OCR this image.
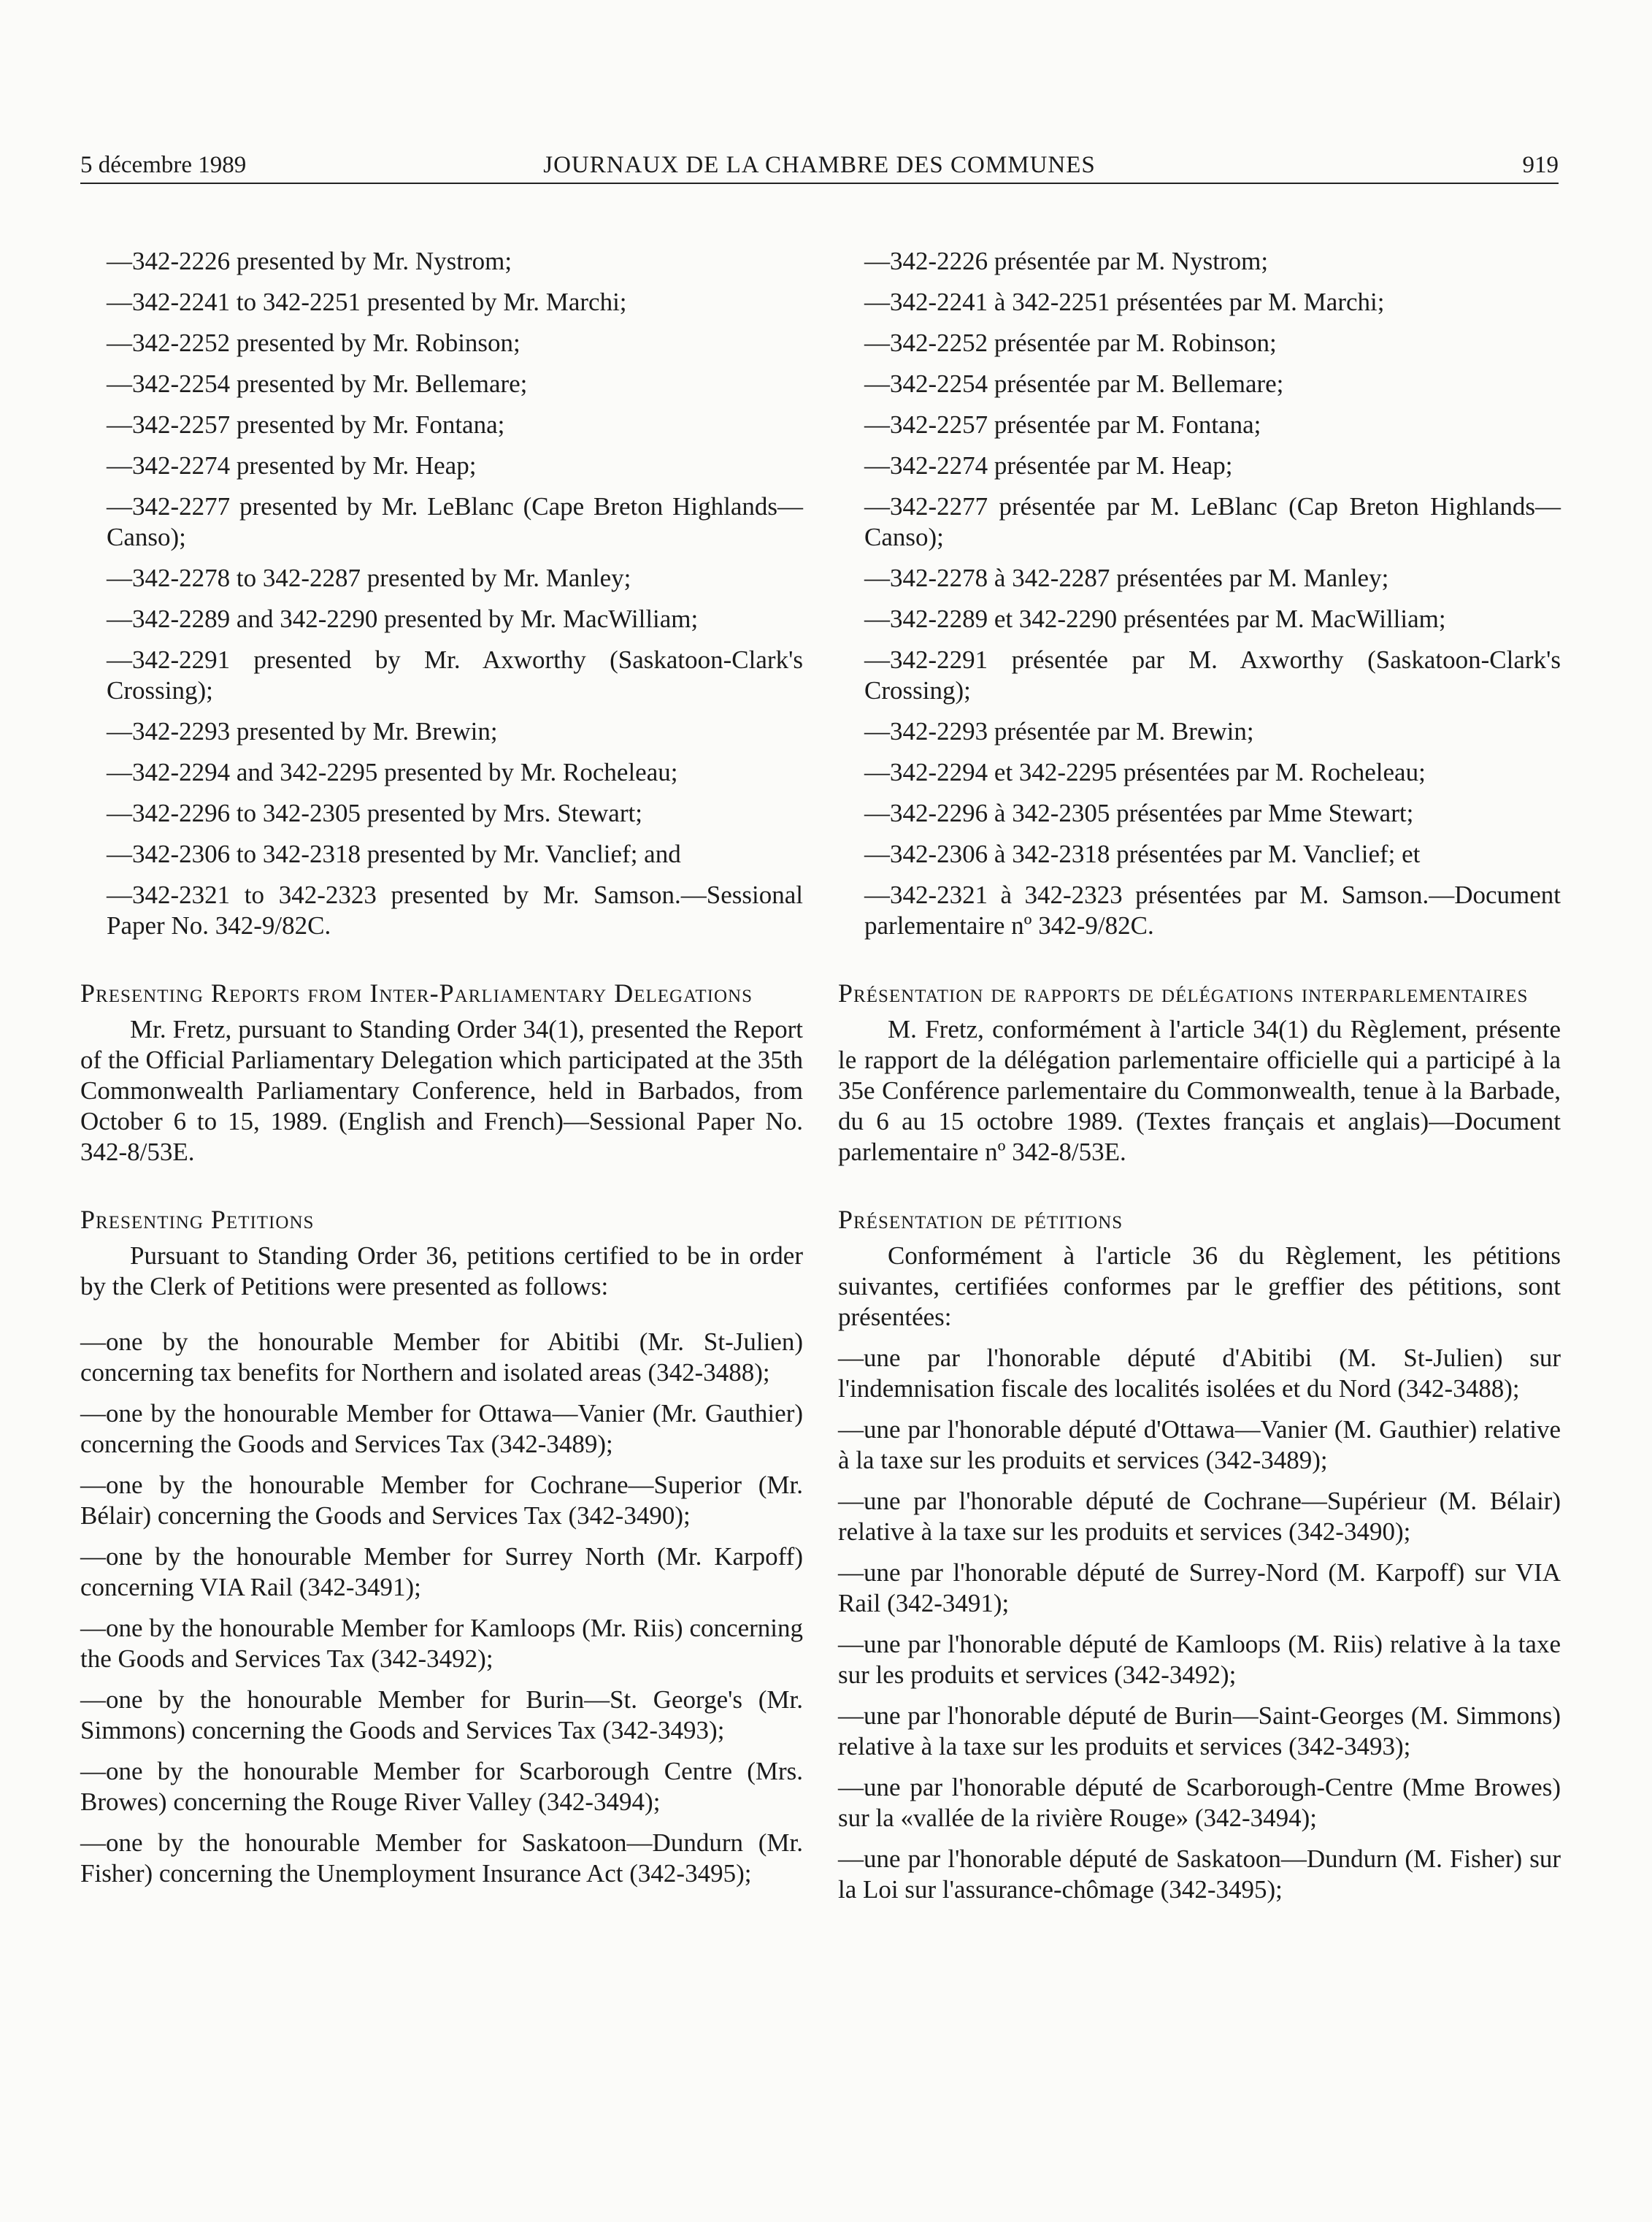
5 décembre 1989	JOURNAUX DE LA CHAMBRE DES COMMUNES	919
—342-2226 presented by Mr. Nystrom;
—342-2241 to 342-2251 presented by Mr. Marchi;
—342-2252 presented by Mr. Robinson;
—342-2254 presented by Mr. Bellemare;
—342-2257 presented by Mr. Fontana;
—342-2274 presented by Mr. Heap;
—342-2277 presented by Mr. LeBlanc (Cape Breton Highlands—Canso);
—342-2278 to 342-2287 presented by Mr. Manley;
—342-2289 and 342-2290 presented by Mr. MacWilliam;
—342-2291 presented by Mr. Axworthy (Saskatoon-Clark's Crossing);
—342-2293 presented by Mr. Brewin;
—342-2294 and 342-2295 presented by Mr. Rocheleau;
—342-2296 to 342-2305 presented by Mrs. Stewart;
—342-2306 to 342-2318 presented by Mr. Vanclief; and
—342-2321 to 342-2323 presented by Mr. Samson.—Sessional Paper No. 342-9/82C.
Presenting Reports from Inter-Parliamentary Delegations
Mr. Fretz, pursuant to Standing Order 34(1), presented the Report of the Official Parliamentary Delegation which participated at the 35th Commonwealth Parliamentary Conference, held in Barbados, from October 6 to 15, 1989. (English and French)—Sessional Paper No. 342-8/53E.
Presenting Petitions
Pursuant to Standing Order 36, petitions certified to be in order by the Clerk of Petitions were presented as follows:
—one by the honourable Member for Abitibi (Mr. St-Julien) concerning tax benefits for Northern and isolated areas (342-3488);
—one by the honourable Member for Ottawa—Vanier (Mr. Gauthier) concerning the Goods and Services Tax (342-3489);
—one by the honourable Member for Cochrane—Superior (Mr. Bélair) concerning the Goods and Services Tax (342-3490);
—one by the honourable Member for Surrey North (Mr. Karpoff) concerning VIA Rail (342-3491);
—one by the honourable Member for Kamloops (Mr. Riis) concerning the Goods and Services Tax (342-3492);
—one by the honourable Member for Burin—St. George's (Mr. Simmons) concerning the Goods and Services Tax (342-3493);
—one by the honourable Member for Scarborough Centre (Mrs. Browes) concerning the Rouge River Valley (342-3494);
—one by the honourable Member for Saskatoon—Dundurn (Mr. Fisher) concerning the Unemployment Insurance Act (342-3495);
—342-2226 présentée par M. Nystrom;
—342-2241 à 342-2251 présentées par M. Marchi;
—342-2252 présentée par M. Robinson;
—342-2254 présentée par M. Bellemare;
—342-2257 présentée par M. Fontana;
—342-2274 présentée par M. Heap;
—342-2277 présentée par M. LeBlanc (Cap Breton Highlands—Canso);
—342-2278 à 342-2287 présentées par M. Manley;
—342-2289 et 342-2290 présentées par M. MacWilliam;
—342-2291 présentée par M. Axworthy (Saskatoon-Clark's Crossing);
—342-2293 présentée par M. Brewin;
—342-2294 et 342-2295 présentées par M. Rocheleau;
—342-2296 à 342-2305 présentées par Mme Stewart;
—342-2306 à 342-2318 présentées par M. Vanclief; et
—342-2321 à 342-2323 présentées par M. Samson.—Document parlementaire nº 342-9/82C.
Présentation de rapports de délégations interparlementaires
M. Fretz, conformément à l'article 34(1) du Règlement, présente le rapport de la délégation parlementaire officielle qui a participé à la 35e Conférence parlementaire du Commonwealth, tenue à la Barbade, du 6 au 15 octobre 1989. (Textes français et anglais)—Document parlementaire nº 342-8/53E.
Présentation de pétitions
Conformément à l'article 36 du Règlement, les pétitions suivantes, certifiées conformes par le greffier des pétitions, sont présentées:
—une par l'honorable député d'Abitibi (M. St-Julien) sur l'indemnisation fiscale des localités isolées et du Nord (342-3488);
—une par l'honorable député d'Ottawa—Vanier (M. Gauthier) relative à la taxe sur les produits et services (342-3489);
—une par l'honorable député de Cochrane—Supérieur (M. Bélair) relative à la taxe sur les produits et services (342-3490);
—une par l'honorable député de Surrey-Nord (M. Karpoff) sur VIA Rail (342-3491);
—une par l'honorable député de Kamloops (M. Riis) relative à la taxe sur les produits et services (342-3492);
—une par l'honorable député de Burin—Saint-Georges (M. Simmons) relative à la taxe sur les produits et services (342-3493);
—une par l'honorable député de Scarborough-Centre (Mme Browes) sur la «vallée de la rivière Rouge» (342-3494);
—une par l'honorable député de Saskatoon—Dundurn (M. Fisher) sur la Loi sur l'assurance-chômage (342-3495);
